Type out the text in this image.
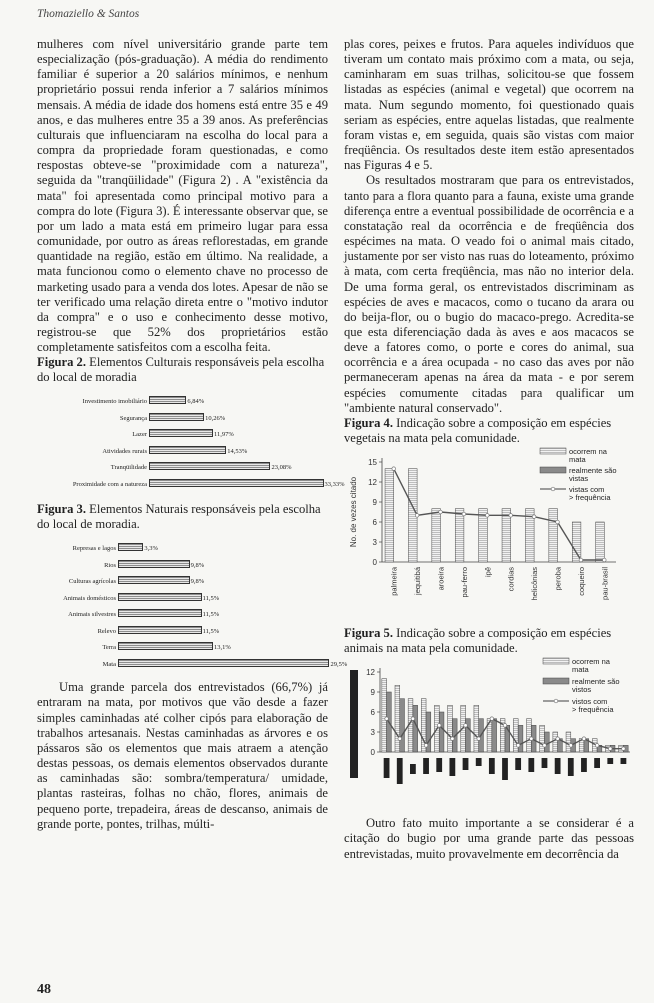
Thomaziello & Santos

mulheres com nível universitário grande parte tem especialização (pós-graduação). A média do rendimento familiar é superior a 20 salários mínimos, e nenhum proprietário possui renda inferior a 7 salários mínimos mensais. A média de idade dos homens está entre 35 e 49 anos, e das mulheres entre 35 a 39 anos. As preferências culturais que influenciaram na escolha do local para a compra da propriedade foram questionadas, e como respostas obteve-se "proximidade com a natureza", seguida da "tranqüilidade" (Figura 2) . A "existência da mata" foi apresentada como principal motivo para a compra do lote (Figura 3). É interessante observar que, se por um lado a mata está em primeiro lugar para essa comunidade, por outro as áreas reflorestadas, em grande quantidade na região, estão em último. Na realidade, a mata funcionou como o elemento chave no processo de marketing usado para a venda dos lotes. Apesar de não se ter verificado uma relação direta entre o "motivo indutor da compra" e o uso e conhecimento desse motivo, registrou-se que 52% dos proprietários estão completamente satisfeitos com a escolha feita.

Figura 2. Elementos Culturais responsáveis pela escolha do local de moradia

Investimento imobiliário	6,84%
Segurança	10,26%
Lazer	11,97%
Atividades rurais	14,53%
Tranqüilidade	23,08%
Proximidade com a natureza	33,33%

Figura 3. Elementos Naturais responsáveis pela escolha do local de moradia.

Represas e lagos	3,3%
Rios	9,8%
Culturas agrícolas	9,8%
Animais domésticos	11,5%
Animais silvestres	11,5%
Relevo	11,5%
Terra	13,1%
Mata	29,5%

Uma grande parcela dos entrevistados (66,7%) já entraram na mata, por motivos que vão desde a fazer simples caminhadas até colher cipós para elaboração de trabalhos artesanais. Nestas caminhadas as árvores e os pássaros são os elementos que mais atraem a atenção destas pessoas, os demais elementos observados durante as caminhadas são: sombra/temperatura/ umidade, plantas rasteiras, folhas no chão, flores, animais de pequeno porte, trepadeira, áreas de descanso, animais de grande porte, pontes, trilhas, múlti-

plas cores, peixes e frutos. Para aqueles indivíduos que tiveram um contato mais próximo com a mata, ou seja, caminharam em suas trilhas, solicitou-se que fossem listadas as espécies (animal e vegetal) que ocorrem na mata. Num segundo momento, foi questionado quais seriam as espécies, entre aquelas listadas, que realmente foram vistas e, em seguida, quais são vistas com maior freqüência. Os resultados deste item estão apresentados nas Figuras 4 e 5.

Os resultados mostraram que para os entrevistados, tanto para a flora quanto para a fauna, existe uma grande diferença entre a eventual possibilidade de ocorrência e a constatação real da ocorrência e de freqüência dos espécimes na mata. O veado foi o animal mais citado, justamente por ser visto nas ruas do loteamento, próximo à mata, com certa freqüência, mas não no interior dela. De uma forma geral, os entrevistados discriminam as espécies de aves e macacos, como o tucano da arara ou do beija-flor, ou o bugio do macaco-prego. Acredita-se que esta diferenciação dada às aves e aos macacos se deve a fatores como, o porte e cores do animal, sua ocorrência e a área ocupada - no caso das aves por não permaneceram apenas na área da mata - e por serem espécies comumente citadas para qualificar um "ambiente natural conservado".

Figura 4. Indicação sobre a composição em espécies vegetais na mata pela comunidade.

0
3
6
9
12
15
No. de vezes citado
palmeira jequitibá aroeira pau-ferro ipê cordias helicônias peroba coqueiro pau-brasil
ocorrem na
mata
realmente são
vistas
vistas com
> frequência

Figura 5. Indicação sobre a composição em espécies animais na mata pela comunidade.

0
3
6
9
12
ocorrem na
mata
realmente são
vistos
vistos com
> frequência

Outro fato muito importante a se considerar é a citação do bugio por uma grande parte das pessoas entrevistadas, muito provavelmente em decorrência da

48
